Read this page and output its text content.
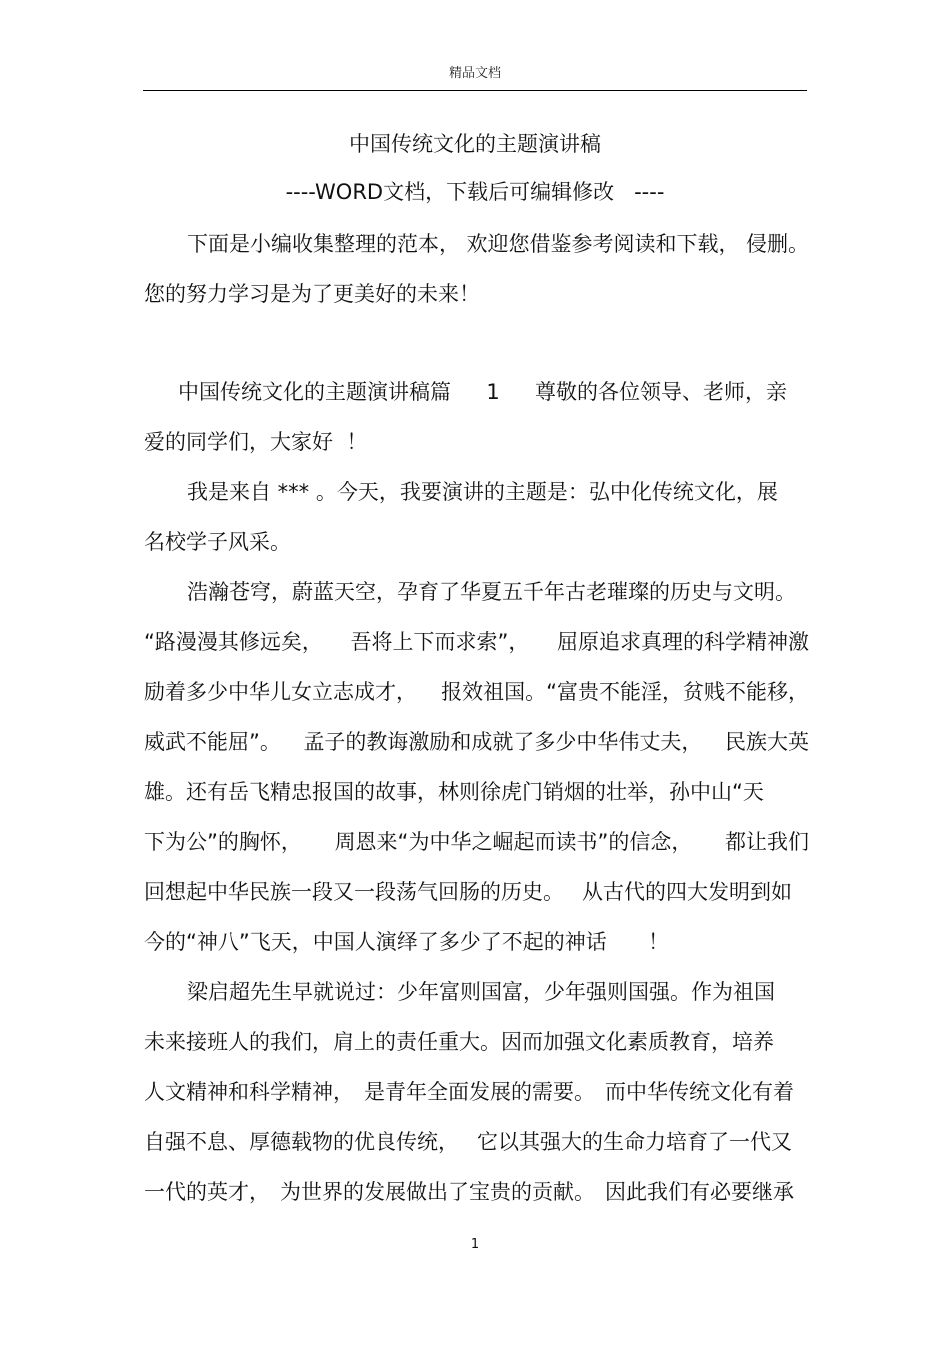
精品文档
中国传统文化的主题演讲稿
----WORD文档，下载后可编辑修改   ----
下面是小编收集整理的范本， 欢迎您借鉴参考阅读和下载， 侵删。
您的努力学习是为了更美好的未来！
中国传统文化的主题演讲稿篇 1 尊敬的各位领导、老师，亲
爱的同学们，大家好  ！
我是来自 *** 。今天，我要演讲的主题是：弘中化传统文化，展
名校学子风采。
浩瀚苍穹，蔚蓝天空，孕育了华夏五千年古老璀璨的历史与文明。
“路漫漫其修远矣， 吾将上下而求索”， 屈原追求真理的科学精神激
励着多少中华儿女立志成才， 报效祖国。“富贵不能淫，贫贱不能移，
威武不能屈”。 孟子的教诲激励和成就了多少中华伟丈夫， 民族大英
雄。还有岳飞精忠报国的故事，林则徐虎门销烟的壮举，孙中山“天
下为公”的胸怀， 周恩来“为中华之崛起而读书”的信念， 都让我们
回想起中华民族一段又一段荡气回肠的历史。 从古代的四大发明到如
今的“神八”飞天，中国人演绎了多少了不起的神话 ！
梁启超先生早就说过：少年富则国富，少年强则国强。作为祖国
未来接班人的我们，肩上的责任重大。因而加强文化素质教育，培养
人文精神和科学精神， 是青年全面发展的需要。 而中华传统文化有着
自强不息、厚德载物的优良传统， 它以其强大的生命力培育了一代又
一代的英才， 为世界的发展做出了宝贵的贡献。 因此我们有必要继承
1
